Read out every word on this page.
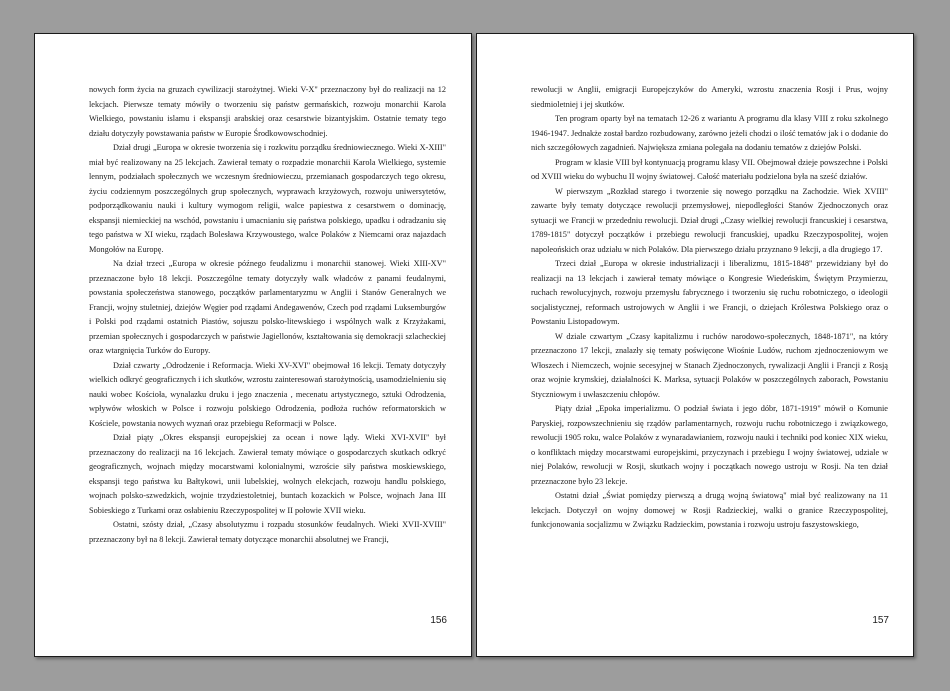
nowych form życia na gruzach cywilizacji starożytnej. Wieki V-X" przeznaczony był do realizacji na 12 lekcjach. Pierwsze tematy mówiły o tworzeniu się państw germańskich, rozwoju monarchii Karola Wielkiego, powstaniu islamu i ekspansji arabskiej oraz cesarstwie bizantyjskim. Ostatnie tematy tego działu dotyczyły powstawania państw w Europie Środkowowschodniej.

Dział drugi „Europa w okresie tworzenia się i rozkwitu porządku średniowiecznego. Wieki X-XIII" miał być realizowany na 25 lekcjach. Zawierał tematy o rozpadzie monarchii Karola Wielkiego, systemie lennym, podziałach społecznych we wczesnym średniowieczu, przemianach gospodarczych tego okresu, życiu codziennym poszczególnych grup społecznych, wyprawach krzyżowych, rozwoju uniwersytetów, podporządkowaniu nauki i kultury wymogom religii, walce papiestwa z cesarstwem o dominację, ekspansji niemieckiej na wschód, powstaniu i umacnianiu się państwa polskiego, upadku i odradzaniu się tego państwa w XI wieku, rządach Bolesława Krzywoustego, walce Polaków z Niemcami oraz najazdach Mongołów na Europę.

Na dział trzeci „Europa w okresie późnego feudalizmu i monarchii stanowej. Wieki XIII-XV" przeznaczone było 18 lekcji. Poszczególne tematy dotyczyły walk władców z panami feudalnymi, powstania społeczeństwa stanowego, początków parlamentaryzmu w Anglii i Stanów Generalnych we Francji, wojny stuletniej, dziejów Węgier pod rządami Andegawenów, Czech pod rządami Luksemburgów i Polski pod rządami ostatnich Piastów, sojuszu polsko-litewskiego i wspólnych walk z Krzyżakami, przemian społecznych i gospodarczych w państwie Jagiellonów, kształtowania się demokracji szlacheckiej oraz wtargnięcia Turków do Europy.

Dział czwarty „Odrodzenie i Reformacja. Wieki XV-XVI" obejmował 16 lekcji. Tematy dotyczyły wielkich odkryć geograficznych i ich skutków, wzrostu zainteresowań starożytnością, usamodzielnieniu się nauki wobec Kościoła, wynalazku druku i jego znaczenia , mecenatu artystycznego, sztuki Odrodzenia, wpływów włoskich w Polsce i rozwoju polskiego Odrodzenia, podłoża ruchów reformatorskich w Kościele, powstania nowych wyznań oraz przebiegu Reformacji w Polsce.

Dział piąty „Okres ekspansji europejskiej za ocean i nowe lądy. Wieki XVI-XVII" był przeznaczony do realizacji na 16 lekcjach. Zawierał tematy mówiące o gospodarczych skutkach odkryć geograficznych, wojnach między mocarstwami kolonialnymi, wzroście siły państwa moskiewskiego, ekspansji tego państwa ku Bałtykowi, unii lubelskiej, wolnych elekcjach, rozwoju handlu polskiego, wojnach polsko-szwedzkich, wojnie trzydziestoletniej, buntach kozackich w Polsce, wojnach Jana III Sobieskiego z Turkami oraz osłabieniu Rzeczypospolitej w II połowie XVII wieku.

Ostatni, szósty dział, „Czasy absolutyzmu i rozpadu stosunków feudalnych. Wieki XVII-XVIII" przeznaczony był na 8 lekcji. Zawierał tematy dotyczące monarchii absolutnej we Francji,

156

rewolucji w Anglii, emigracji Europejczyków do Ameryki, wzrostu znaczenia Rosji i Prus, wojny siedmioletniej i jej skutków.

Ten program oparty był na tematach 12-26 z wariantu A programu dla klasy VIII z roku szkolnego 1946-1947. Jednakże został bardzo rozbudowany, zarówno jeżeli chodzi o ilość tematów jak i o dodanie do nich szczegółowych zagadnień. Największa zmiana polegała na dodaniu tematów z dziejów Polski.

Program w klasie VIII był kontynuacją programu klasy VII. Obejmował dzieje powszechne i Polski od XVIII wieku do wybuchu II wojny światowej. Całość materiału podzielona była na sześć działów.

W pierwszym „Rozkład starego i tworzenie się nowego porządku na Zachodzie. Wiek XVIII" zawarte były tematy dotyczące rewolucji przemysłowej, niepodległości Stanów Zjednoczonych oraz sytuacji we Francji w przededniu rewolucji. Dział drugi „Czasy wielkiej rewolucji francuskiej i cesarstwa, 1789-1815" dotyczył początków i przebiegu rewolucji francuskiej, upadku Rzeczypospolitej, wojen napoleońskich oraz udziału w nich Polaków. Dla pierwszego działu przyznano 9 lekcji, a dla drugiego 17.

Trzeci dział „Europa w okresie industrializacji i liberalizmu, 1815-1848" przewidziany był do realizacji na 13 lekcjach i zawierał tematy mówiące o Kongresie Wiedeńskim, Świętym Przymierzu, ruchach rewolucyjnych, rozwoju przemysłu fabrycznego i tworzeniu się ruchu robotniczego, o ideologii socjalistycznej, reformach ustrojowych w Anglii i we Francji, o dziejach Królestwa Polskiego oraz o Powstaniu Listopadowym.

W dziale czwartym „Czasy kapitalizmu i ruchów narodowo-społecznych, 1848-1871", na który przeznaczono 17 lekcji, znalazły się tematy poświęcone Wiośnie Ludów, ruchom zjednoczeniowym we Włoszech i Niemczech, wojnie secesyjnej w Stanach Zjednoczonych, rywalizacji Anglii i Francji z Rosją oraz wojnie krymskiej, działalności K. Marksa, sytuacji Polaków w poszczególnych zaborach, Powstaniu Styczniowym i uwłaszczeniu chłopów.

Piąty dział „Epoka imperializmu. O podział świata i jego dóbr, 1871-1919" mówił o Komunie Paryskiej, rozpowszechnieniu się rządów parlamentarnych, rozwoju ruchu robotniczego i związkowego, rewolucji 1905 roku, walce Polaków z wynaradawianiem, rozwoju nauki i techniki pod koniec XIX wieku, o konfliktach między mocarstwami europejskimi, przyczynach i przebiegu I wojny światowej, udziale w niej Polaków, rewolucji w Rosji, skutkach wojny i początkach nowego ustroju w Rosji. Na ten dział przeznaczone było 23 lekcje.

Ostatni dział „Świat pomiędzy pierwszą a drugą wojną światową" miał być realizowany na 11 lekcjach. Dotyczył on wojny domowej w Rosji Radzieckiej, walki o granice Rzeczypospolitej, funkcjonowania socjalizmu w Związku Radzieckim, powstania i rozwoju ustroju faszystowskiego,

157
